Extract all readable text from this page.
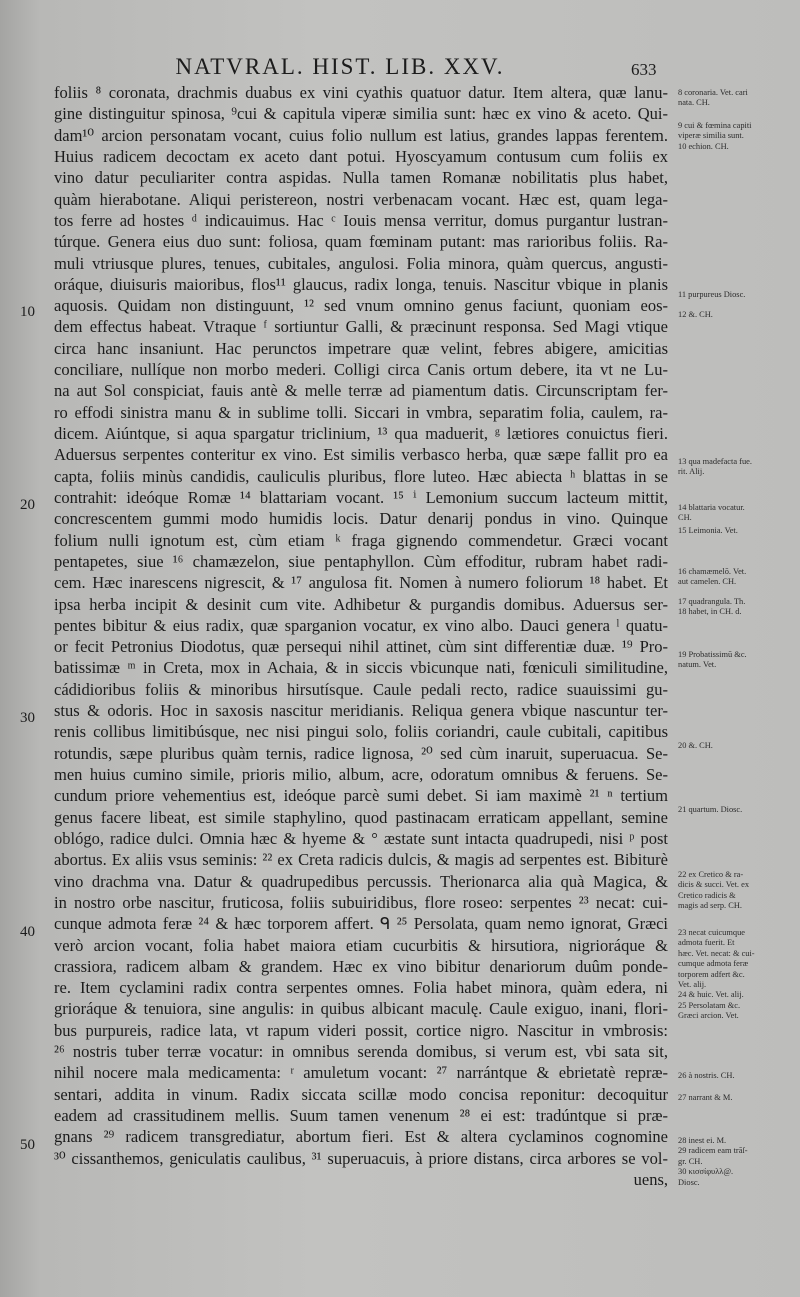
NATVRAL. HIST. LIB. XXV.	633
10
20
30
40
50
foliis ⁸ coronata, drachmis duabus ex vini cyathis quatuor datur. Item altera, quæ lanu-
gine distinguitur spinosa, ⁹cui & capitula viperæ similia sunt: hæc ex vino & aceto. Qui-
dam¹⁰ arcion personatam vocant, cuius folio nullum est latius, grandes lappas ferentem.
Huius radicem decoctam ex aceto dant potui. Hyoscyamum contusum cum foliis ex
vino datur peculiariter contra aspidas. Nulla tamen Romanæ nobilitatis plus habet,
quàm hierabotane. Aliqui peristereon, nostri verbenacam vocant. Hæc est, quam lega-
tos ferre ad hostes ᵈ indicauimus. Hac ᶜ Iouis mensa verritur, domus purgantur lustran-
túrque. Genera eius duo sunt: foliosa, quam fœminam putant: mas rarioribus foliis. Ra-
muli vtriusque plures, tenues, cubitales, angulosi. Folia minora, quàm quercus, angusti-
oráque, diuisuris maioribus, flos¹¹ glaucus, radix longa, tenuis. Nascitur vbique in planis
aquosis. Quidam non distinguunt, ¹² sed vnum omnino genus faciunt, quoniam eos-
dem effectus habeat. Vtraque ᶠ sortiuntur Galli, & præcinunt responsa. Sed Magi vtique
circa hanc insaniunt. Hac perunctos impetrare quæ velint, febres abigere, amicitias
conciliare, nullíque non morbo mederi. Colligi circa Canis ortum debere, ita vt ne Lu-
na aut Sol conspiciat, fauis antè & melle terræ ad piamentum datis. Circunscriptam fer-
ro effodi sinistra manu & in sublime tolli. Siccari in vmbra, separatim folia, caulem, ra-
dicem. Aiúntque, si aqua spargatur triclinium, ¹³ qua maduerit, ᵍ lætiores conuictus fieri.
Aduersus serpentes conteritur ex vino. Est similis verbasco herba, quæ sæpe fallit pro ea
capta, foliis minùs candidis, cauliculis pluribus, flore luteo. Hæc abiecta ʰ blattas in se
contrahit: ideóque Romæ ¹⁴ blattariam vocant. ¹⁵ ⁱ Lemonium succum lacteum mittit,
concrescentem gummi modo humidis locis. Datur denarij pondus in vino. Quinque
folium nulli ignotum est, cùm etiam ᵏ fraga gignendo commendetur. Græci vocant
pentapetes, siue ¹⁶ chamæzelon, siue pentaphyllon. Cùm effoditur, rubram habet radi-
cem. Hæc inarescens nigrescit, & ¹⁷ angulosa fit. Nomen à numero foliorum ¹⁸ habet. Et
ipsa herba incipit & desinit cum vite. Adhibetur & purgandis domibus. Aduersus ser-
pentes bibitur & eius radix, quæ sparganion vocatur, ex vino albo. Dauci genera ˡ quatu-
or fecit Petronius Diodotus, quæ persequi nihil attinet, cùm sint differentiæ duæ. ¹⁹ Pro-
batissimæ ᵐ in Creta, mox in Achaia, & in siccis vbicunque nati, fœniculi similitudine,
cádidioribus foliis & minoribus hirsutísque. Caule pedali recto, radice suauissimi gu-
stus & odoris. Hoc in saxosis nascitur meridianis. Reliqua genera vbique nascuntur ter-
renis collibus limitibúsque, nec nisi pingui solo, foliis coriandri, caule cubitali, capitibus
rotundis, sæpe pluribus quàm ternis, radice lignosa, ²⁰ sed cùm inaruit, superuacua. Se-
men huius cumino simile, prioris milio, album, acre, odoratum omnibus & feruens. Se-
cundum priore vehementius est, ideóque parcè sumi debet. Si iam maximè ²¹ ⁿ tertium
genus facere libeat, est simile staphylino, quod pastinacam erraticam appellant, semine
oblógo, radice dulci. Omnia hæc & hyeme & ° æstate sunt intacta quadrupedi, nisi ᵖ post
abortus. Ex aliis vsus seminis: ²² ex Creta radicis dulcis, & magis ad serpentes est. Bibiturè
vino drachma vna. Datur & quadrupedibus percussis. Therionarca alia quà Magica, &
in nostro orbe nascitur, fruticosa, foliis subuiridibus, flore roseo: serpentes ²³ necat: cui-
cunque admota feræ ²⁴ & hæc torporem affert. ᑫ ²⁵ Persolata, quam nemo ignorat, Græci
verò arcion vocant, folia habet maiora etiam cucurbitis & hirsutiora, nigrioráque &
crassiora, radicem albam & grandem. Hæc ex vino bibitur denariorum duûm ponde-
re. Item cyclamini radix contra serpentes omnes. Folia habet minora, quàm edera, ni
grioráque & tenuiora, sine angulis: in quibus albicant maculę. Caule exiguo, inani, flori-
bus purpureis, radice lata, vt rapum videri possit, cortice nigro. Nascitur in vmbrosis:
²⁶ nostris tuber terræ vocatur: in omnibus serenda domibus, si verum est, vbi sata sit,
nihil nocere mala medicamenta: ʳ amuletum vocant: ²⁷ narrántque & ebrietatè repræ-
sentari, addita in vinum. Radix siccata scillæ modo concisa reponitur: decoquitur
eadem ad crassitudinem mellis. Suum tamen venenum ²⁸ ei est: tradúntque si præ-
gnans ²⁹ radicem transgrediatur, abortum fieri. Est & altera cyclaminos cognomine
³⁰ cissanthemos, geniculatis caulibus, ³¹ superuacuis, à priore distans, circa arbores se vol-
uens,
8 coronaria. Vet. cari
nata. CH.
9 cui & fœmina capiti
viperæ similia sunt.
10 echion. CH.
11 purpureus Diosc.
12 &. CH.
13 qua madefacta fue.
rit. Alij.
14 blattaria vocatur.
CH.
15 Leimonia. Vet.
16 chamæmelō. Vet.
aut camelen. CH.
17 quadrangula. Th.
18 habet, in CH. d.
19 Probatissimū &c.
natum. Vet.
20 &. CH.
21 quartum. Diosc.
22 ex Cretico & ra-
dicis & succi. Vet. ex
Cretico radicis &
magis ad serp. CH.
23 necat cuicumque
admota fuerit. Et
hæc. Vet. necat: & cui-
cumque admota feræ
torporem adfert &c.
Vet. alij.
24 & huic. Vet. alij.
25 Persolatam &c.
Græci arcion. Vet.
26 à nostris. CH.
27 narrant & M.
28 inest ei. M.
29 radicem eam trāſ-
gr. CH.
30 κισσίφυλλ@.
Diosc.
